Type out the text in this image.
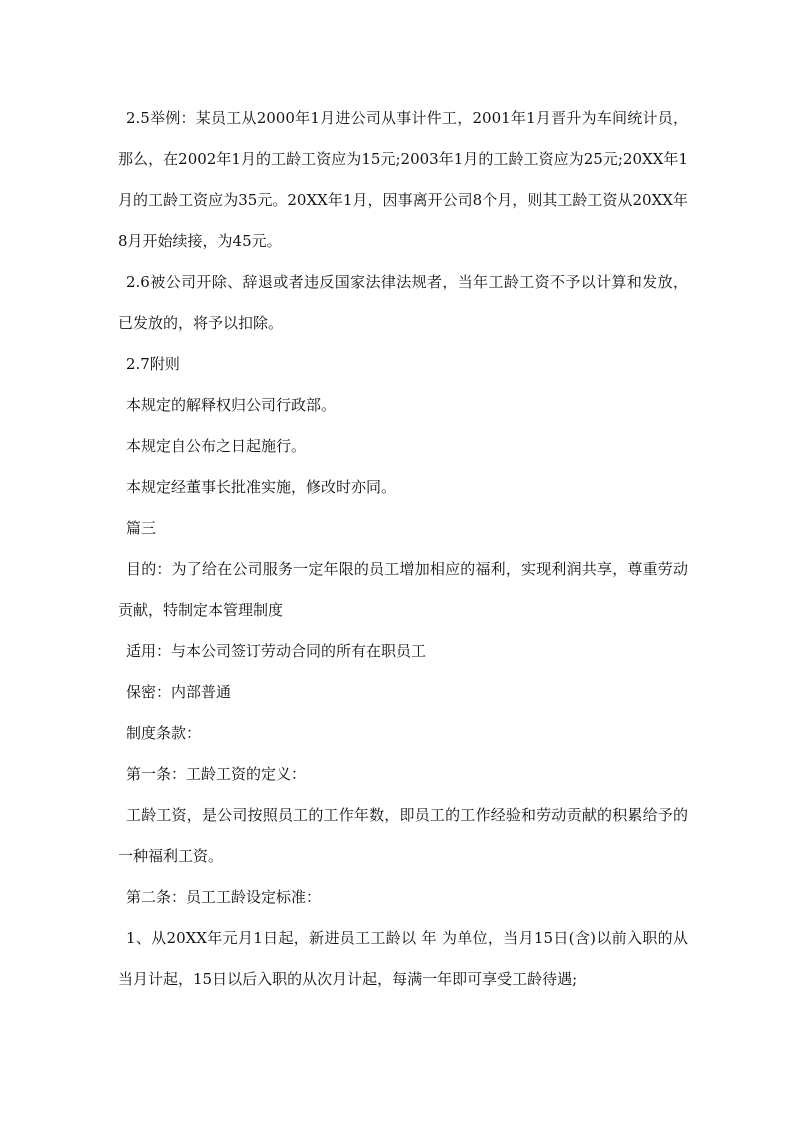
2.5举例：某员工从2000年1月进公司从事计件工，2001年1月晋升为车间统计员，那么，在2002年1月的工龄工资应为15元;2003年1月的工龄工资应为25元;20XX年1月的工龄工资应为35元。20XX年1月，因事离开公司8个月，则其工龄工资从20XX年8月开始续接，为45元。

2.6被公司开除、辞退或者违反国家法律法规者，当年工龄工资不予以计算和发放，已发放的，将予以扣除。

2.7附则

本规定的解释权归公司行政部。

本规定自公布之日起施行。

本规定经董事长批准实施，修改时亦同。

篇三

目的：为了给在公司服务一定年限的员工增加相应的福利，实现利润共享，尊重劳动贡献，特制定本管理制度

适用：与本公司签订劳动合同的所有在职员工

保密：内部普通

制度条款：

第一条：工龄工资的定义：

工龄工资，是公司按照员工的工作年数，即员工的工作经验和劳动贡献的积累给予的一种福利工资。

第二条：员工工龄设定标准：

1、从20XX年元月1日起，新进员工工龄以 年 为单位，当月15日(含)以前入职的从当月计起，15日以后入职的从次月计起，每满一年即可享受工龄待遇;
